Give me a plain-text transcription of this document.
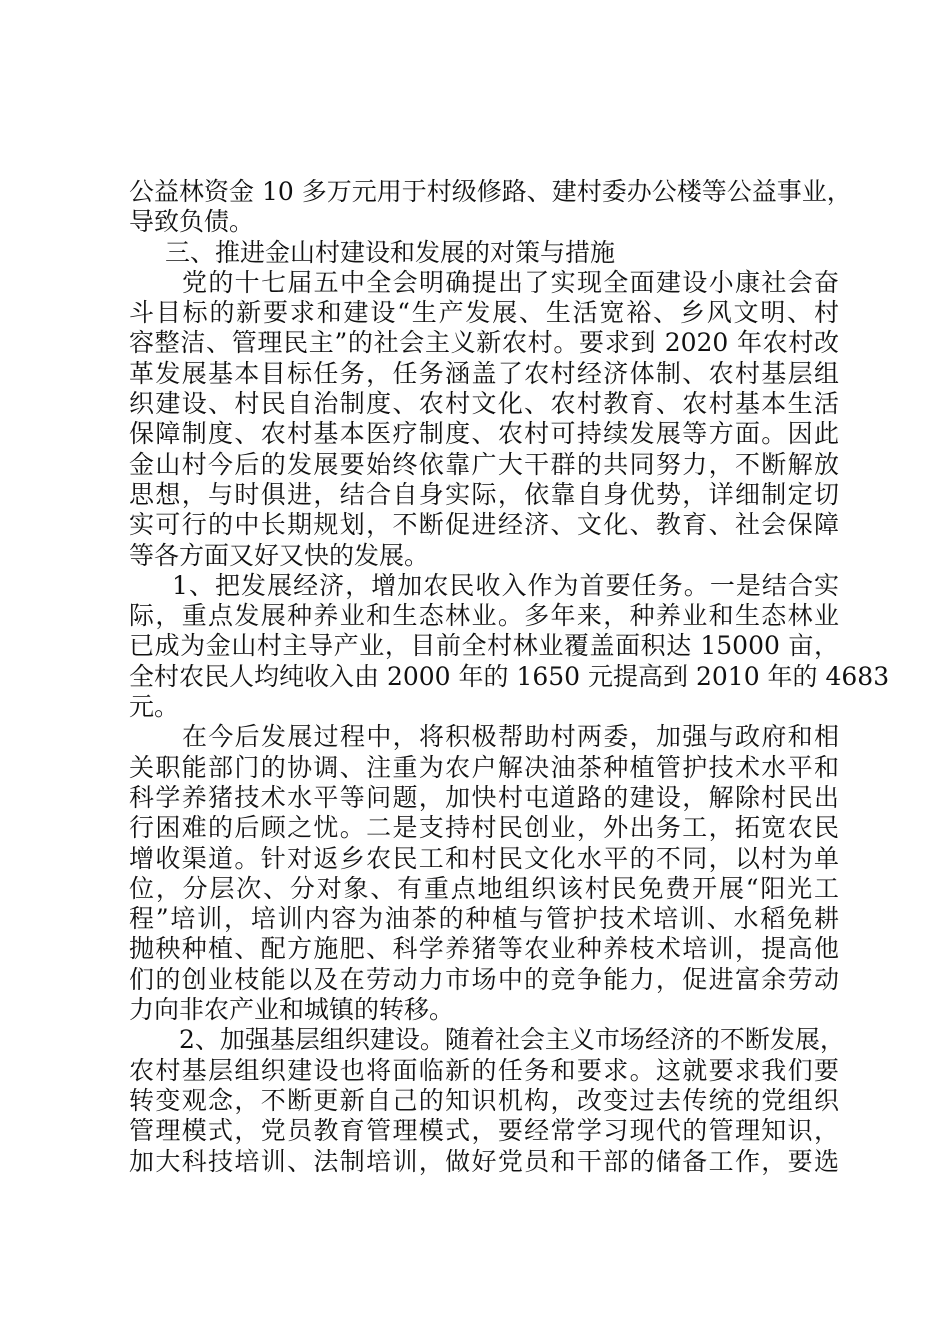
公益林资金 10 多万元用于村级修路、建村委办公楼等公益事业，
导致负债。
三、推进金山村建设和发展的对策与措施
党的十七届五中全会明确提出了实现全面建设小康社会奋
斗目标的新要求和建设“生产发展、生活宽裕、乡风文明、村
容整洁、管理民主”的社会主义新农村。要求到 2020 年农村改
革发展基本目标任务，任务涵盖了农村经济体制、农村基层组
织建设、村民自治制度、农村文化、农村教育、农村基本生活
保障制度、农村基本医疗制度、农村可持续发展等方面。因此
金山村今后的发展要始终依靠广大干群的共同努力，不断解放
思想，与时俱进，结合自身实际，依靠自身优势，详细制定切
实可行的中长期规划，不断促进经济、文化、教育、社会保障
等各方面又好又快的发展。
1、把发展经济，增加农民收入作为首要任务。一是结合实
际，重点发展种养业和生态林业。多年来，种养业和生态林业
已成为金山村主导产业，目前全村林业覆盖面积达 15000 亩，
全村农民人均纯收入由 2000 年的 1650 元提高到 2010 年的 4683
元。
在今后发展过程中，将积极帮助村两委，加强与政府和相
关职能部门的协调、注重为农户解决油茶种植管护技术水平和
科学养猪技术水平等问题，加快村屯道路的建设，解除村民出
行困难的后顾之忧。二是支持村民创业，外出务工，拓宽农民
增收渠道。针对返乡农民工和村民文化水平的不同，以村为单
位，分层次、分对象、有重点地组织该村民免费开展“阳光工
程”培训，培训内容为油茶的种植与管护技术培训、水稻免耕
抛秧种植、配方施肥、科学养猪等农业种养枝术培训，提高他
们的创业枝能以及在劳动力市场中的竞争能力，促进富余劳动
力向非农产业和城镇的转移。
2、加强基层组织建设。随着社会主义市场经济的不断发展，
农村基层组织建设也将面临新的任务和要求。这就要求我们要
转变观念，不断更新自己的知识机构，改变过去传统的党组织
管理模式，党员教育管理模式，要经常学习现代的管理知识，
加大科技培训、法制培训，做好党员和干部的储备工作，要选
